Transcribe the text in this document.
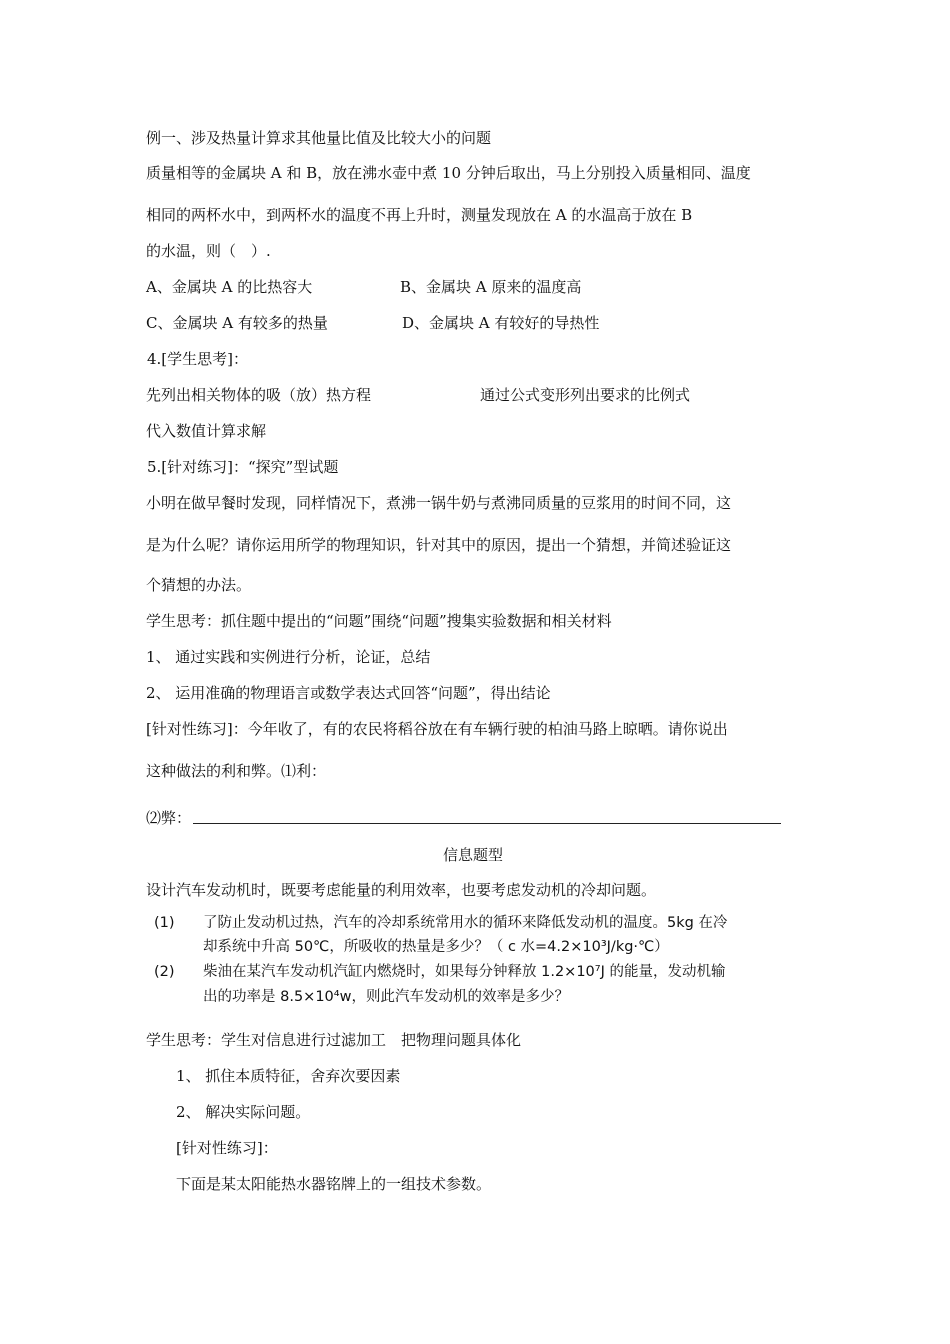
例一、涉及热量计算求其他量比值及比较大小的问题
质量相等的金属块 A 和 B，放在沸水壶中煮 10 分钟后取出，马上分别投入质量相同、温度
相同的两杯水中，到两杯水的温度不再上升时，测量发现放在 A 的水温高于放在 B
的水温，则（　）.
A、金属块 A 的比热容大	B、金属块 A 原来的温度高
C、金属块 A 有较多的热量	D、金属块 A 有较好的导热性
4.[学生思考]：
先列出相关物体的吸（放）热方程	通过公式变形列出要求的比例式
代入数值计算求解
5.[针对练习]：“探究”型试题
小明在做早餐时发现，同样情况下，煮沸一锅牛奶与煮沸同质量的豆浆用的时间不同，这
是为什么呢？请你运用所学的物理知识，针对其中的原因，提出一个猜想，并简述验证这
个猜想的办法。
学生思考：抓住题中提出的“问题”围绕“问题”搜集实验数据和相关材料
1、 通过实践和实例进行分析，论证，总结
2、 运用准确的物理语言或数学表达式回答“问题”，得出结论
[针对性练习]：今年收了，有的农民将稻谷放在有车辆行驶的柏油马路上晾晒。请你说出
这种做法的利和弊。⑴利：
⑵弊：
信息题型
设计汽车发动机时，既要考虑能量的利用效率，也要考虑发动机的冷却问题。
(1) 了防止发动机过热，汽车的冷却系统常用水的循环来降低发动机的温度。5kg 在冷
却系统中升高 50℃，所吸收的热量是多少？（ c 水=4.2×10³J/kg·℃）
(2) 柴油在某汽车发动机汽缸内燃烧时，如果每分钟释放 1.2×10⁷J 的能量，发动机输
出的功率是 8.5×10⁴w，则此汽车发动机的效率是多少？
学生思考：学生对信息进行过滤加工　把物理问题具体化
1、 抓住本质特征，舍弃次要因素
2、 解决实际问题。
[针对性练习]：
下面是某太阳能热水器铭牌上的一组技术参数。
